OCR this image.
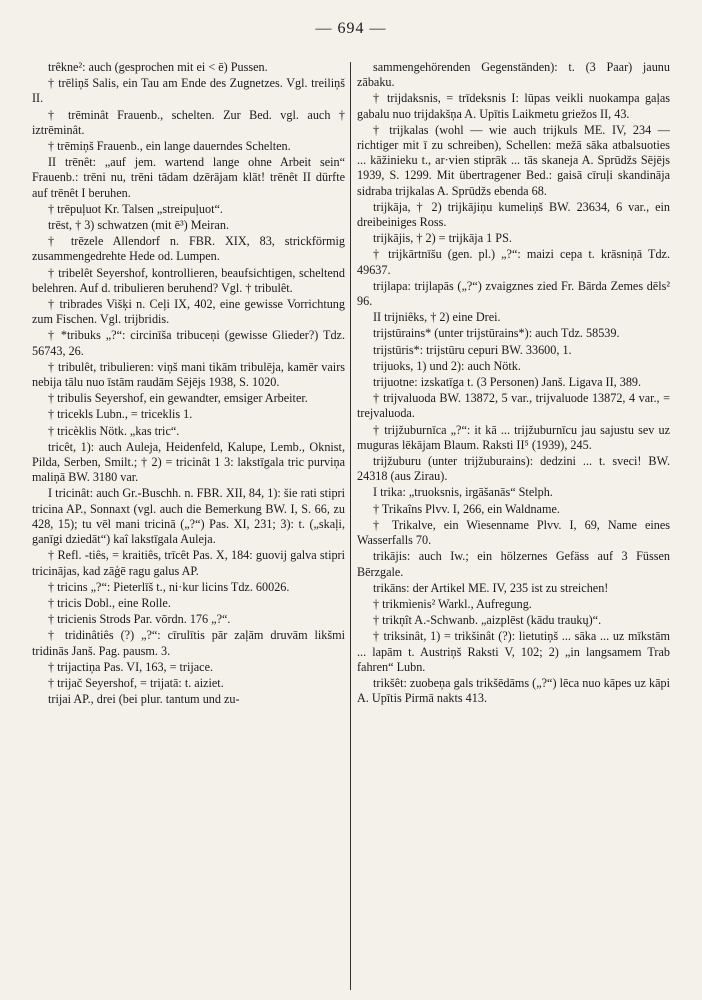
— 694 —

trêkne²: auch (gesprochen mit ei < ē) Pussen.

† trēliņš Salis, ein Tau am Ende des Zugnetzes. Vgl. treiliņš II.

† trēminât Frauenb., schelten. Zur Bed. vgl. auch † iztrēminât.

† trēmiņš Frauenb., ein lange dauerndes Schelten.

II trēnêt: „auf jem. wartend lange ohne Arbeit sein“ Frauenb.: trēni nu, trēni tādam dzērājam klāt! trēnêt II dürfte auf trēnêt I beruhen.

† trēpuļuot Kr. Talsen „streipuļuot“.

trēst, † 3) schwatzen (mit ē³) Meiran.

† trēzele Allendorf n. FBR. XIX, 83, strickförmig zusammengedrehte Hede od. Lumpen.

† tribelêt Seyershof, kontrollieren, beaufsichtigen, scheltend belehren. Auf d. tribulieren beruhend? Vgl. † tribulêt.

† tribrades Višķi n. Ceļi IX, 402, eine gewisse Vorrichtung zum Fischen. Vgl. trijbridis.

† *tribuks „?“: circinīša tribuceņi (gewisse Glieder?) Tdz. 56743, 26.

† tribulêt, tribulieren: viņš mani tikām tribulēja, kamēr vairs nebija tālu nuo īstām raudām Sējējs 1938, S. 1020.

† tribulis Seyershof, ein gewandter, emsiger Arbeiter.

† tricekls Lubn., = triceklis 1.

† tricèklis Nötk. „kas tric“.

tricêt, 1): auch Auleja, Heidenfeld, Kalupe, Lemb., Oknist, Pilda, Serben, Smilt.; † 2) = tricinât 1 3: lakstīgala tric purviņa maliņā BW. 3180 var.

I tricinât: auch Gr.-Buschh. n. FBR. XII, 84, 1): šie rati stipri tricina AP., Sonnaxt (vgl. auch die Bemerkung BW. I, S. 66, zu 428, 15); tu vēl mani tricinā („?“) Pas. XI, 231; 3): t. („skaļi, ganīgi dziedāt“) kaî lakstīgala Auleja.

† Refl. -tiês, = kraitiês, trīcêt Pas. X, 184: guovij galva stipri tricinājas, kad zāģē ragu galus AP.

† tricins „?“: Pieterlīš t., ni·kur licins Tdz. 60026.

† tricis Dobl., eine Rolle.

† tricienis Strods Par. vōrdn. 176 „?“.

† tridinâtiês (?) „?“: cīrulītis pār zaļām druvām likšmi tridinās Janš. Pag. pausm. 3.

† trijactiņa Pas. VI, 163, = trijace.

† trijač Seyershof, = trijatā: t. aiziet.

trijai AP., drei (bei plur. tantum und zu-

sammengehörenden Gegenständen): t. (3 Paar) jaunu zābaku.

† trijdaksnis, = trīdeksnis I: lūpas veikli nuokampa gaļas gabalu nuo trijdakšņa A. Upītis Laikmetu griežos II, 43.

† trijkalas (wohl — wie auch trijkuls ME. IV, 234 — richtiger mit ī zu schreiben), Schellen: mežā sāka atbalsuoties ... kāžinieku t., ar·vien stiprāk ... tās skaneja A. Sprūdžs Sējējs 1939, S. 1299. Mit übertragener Bed.: gaisā cīruļi skandināja sidraba trijkalas A. Sprūdžs ebenda 68.

trijkāja, † 2) trijkājiņu kumeliņš BW. 23634, 6 var., ein dreibeiniges Ross.

trijkājis, † 2) = trijkāja 1 PS.

† trijkārtnīšu (gen. pl.) „?“: maizi cepa t. krāsniņā Tdz. 49637.

trijlapa: trijlapās („?“) zvaigznes zied Fr. Bārda Zemes dēls² 96.

II trijniêks, † 2) eine Drei.

trijstūrains* (unter trijstūrains*): auch Tdz. 58539.

trijstūris*: trijstūru cepuri BW. 33600, 1.

trijuoks, 1) und 2): auch Nötk.

trijuotne: izskatīga t. (3 Personen) Janš. Ligava II, 389.

† trijvaluoda BW. 13872, 5 var., trijvaluode 13872, 4 var., = trejvaluoda.

† trijžuburnīca „?“: it kā ... trijžuburnīcu jau sajustu sev uz muguras lēkājam Blaum. Raksti II⁵ (1939), 245.

trijžuburu (unter trijžuburains): dedzini ... t. sveci! BW. 24318 (aus Zirau).

I trika: „truoksnis, irgāšanās“ Stelph.

† Trikaîns Plvv. I, 266, ein Waldname.

† Trikalve, ein Wiesenname Plvv. I, 69, Name eines Wasserfalls 70.

trikājis: auch Iw.; ein hölzernes Gefäss auf 3 Füssen Bērzgale.

trikāns: der Artikel ME. IV, 235 ist zu streichen!

† trikmìenis² Warkl., Aufregung.

† trikņît A.-Schwanb. „aizplēst (kādu traukų)“.

† triksinât, 1) = trikšinât (?): lietutiņš ... sāka ... uz mīkstām ... lapām t. Austriņš Raksti V, 102; 2) „in langsamem Trab fahren“ Lubn.

trikšêt: zuobeņa gals trikšēdāms („?“) lēca nuo kāpes uz kāpi A. Upītis Pirmā nakts 413.
